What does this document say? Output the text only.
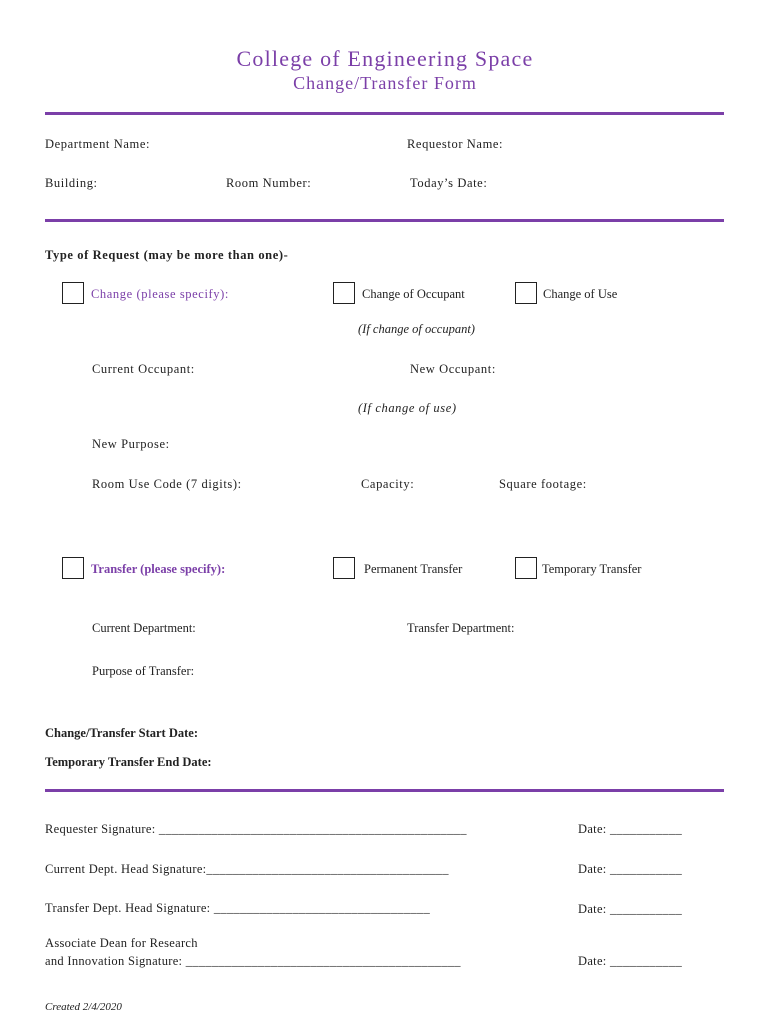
College of Engineering Space
Change/Transfer Form
Department Name:	Requestor Name:
Building:	Room Number:	Today’s Date:
Type of Request (may be more than one)-
Change (please specify):	Change of Occupant	Change of Use
(If change of occupant)
Current Occupant:	New Occupant:
(If change of use)
New Purpose:
Room Use Code (7 digits):	Capacity:	Square footage:
Transfer (please specify):	Permanent Transfer	Temporary Transfer
Current Department:	Transfer Department:
Purpose of Transfer:
Change/Transfer Start Date:
Temporary Transfer End Date:
Requester Signature: _______________________________________________	Date: ___________
Current Dept. Head Signature:_____________________________________	Date: ___________
Transfer Dept. Head Signature: _________________________________	Date: ___________
Associate Dean for Research
and Innovation Signature: __________________________________________	Date: ___________
Created 2/4/2020
